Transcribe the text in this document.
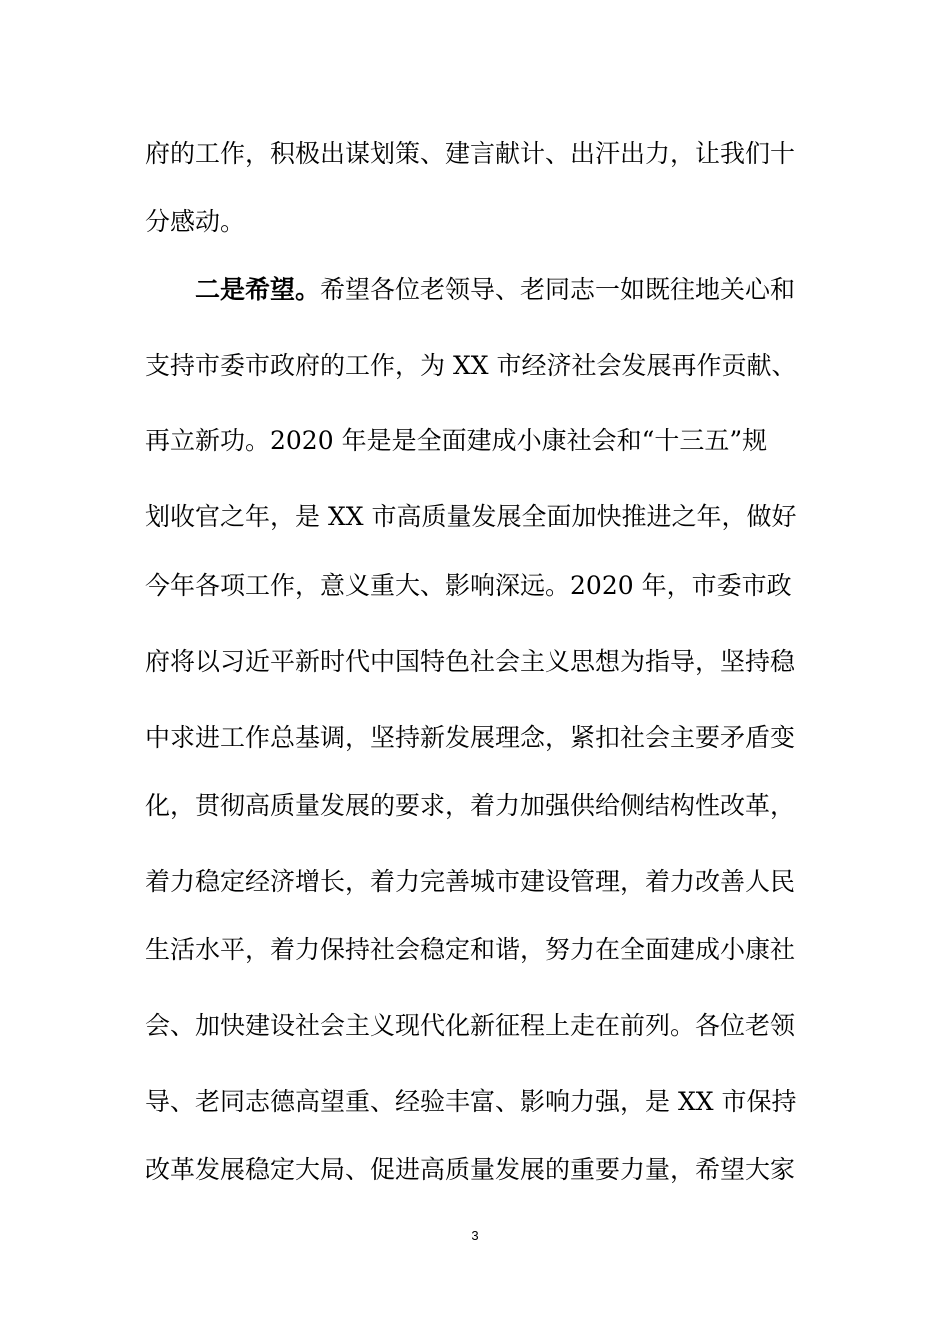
府的工作，积极出谋划策、建言献计、出汗出力，让我们十
分感动。
二是希望。希望各位老领导、老同志一如既往地关心和
支持市委市政府的工作，为 XX 市经济社会发展再作贡献、
再立新功。2020 年是是全面建成小康社会和“十三五”规
划收官之年，是 XX 市高质量发展全面加快推进之年，做好
今年各项工作，意义重大、影响深远。2020 年，市委市政
府将以习近平新时代中国特色社会主义思想为指导，坚持稳
中求进工作总基调，坚持新发展理念，紧扣社会主要矛盾变
化，贯彻高质量发展的要求，着力加强供给侧结构性改革，
着力稳定经济增长，着力完善城市建设管理，着力改善人民
生活水平，着力保持社会稳定和谐，努力在全面建成小康社
会、加快建设社会主义现代化新征程上走在前列。各位老领
导、老同志德高望重、经验丰富、影响力强，是 XX 市保持
改革发展稳定大局、促进高质量发展的重要力量，希望大家
3
